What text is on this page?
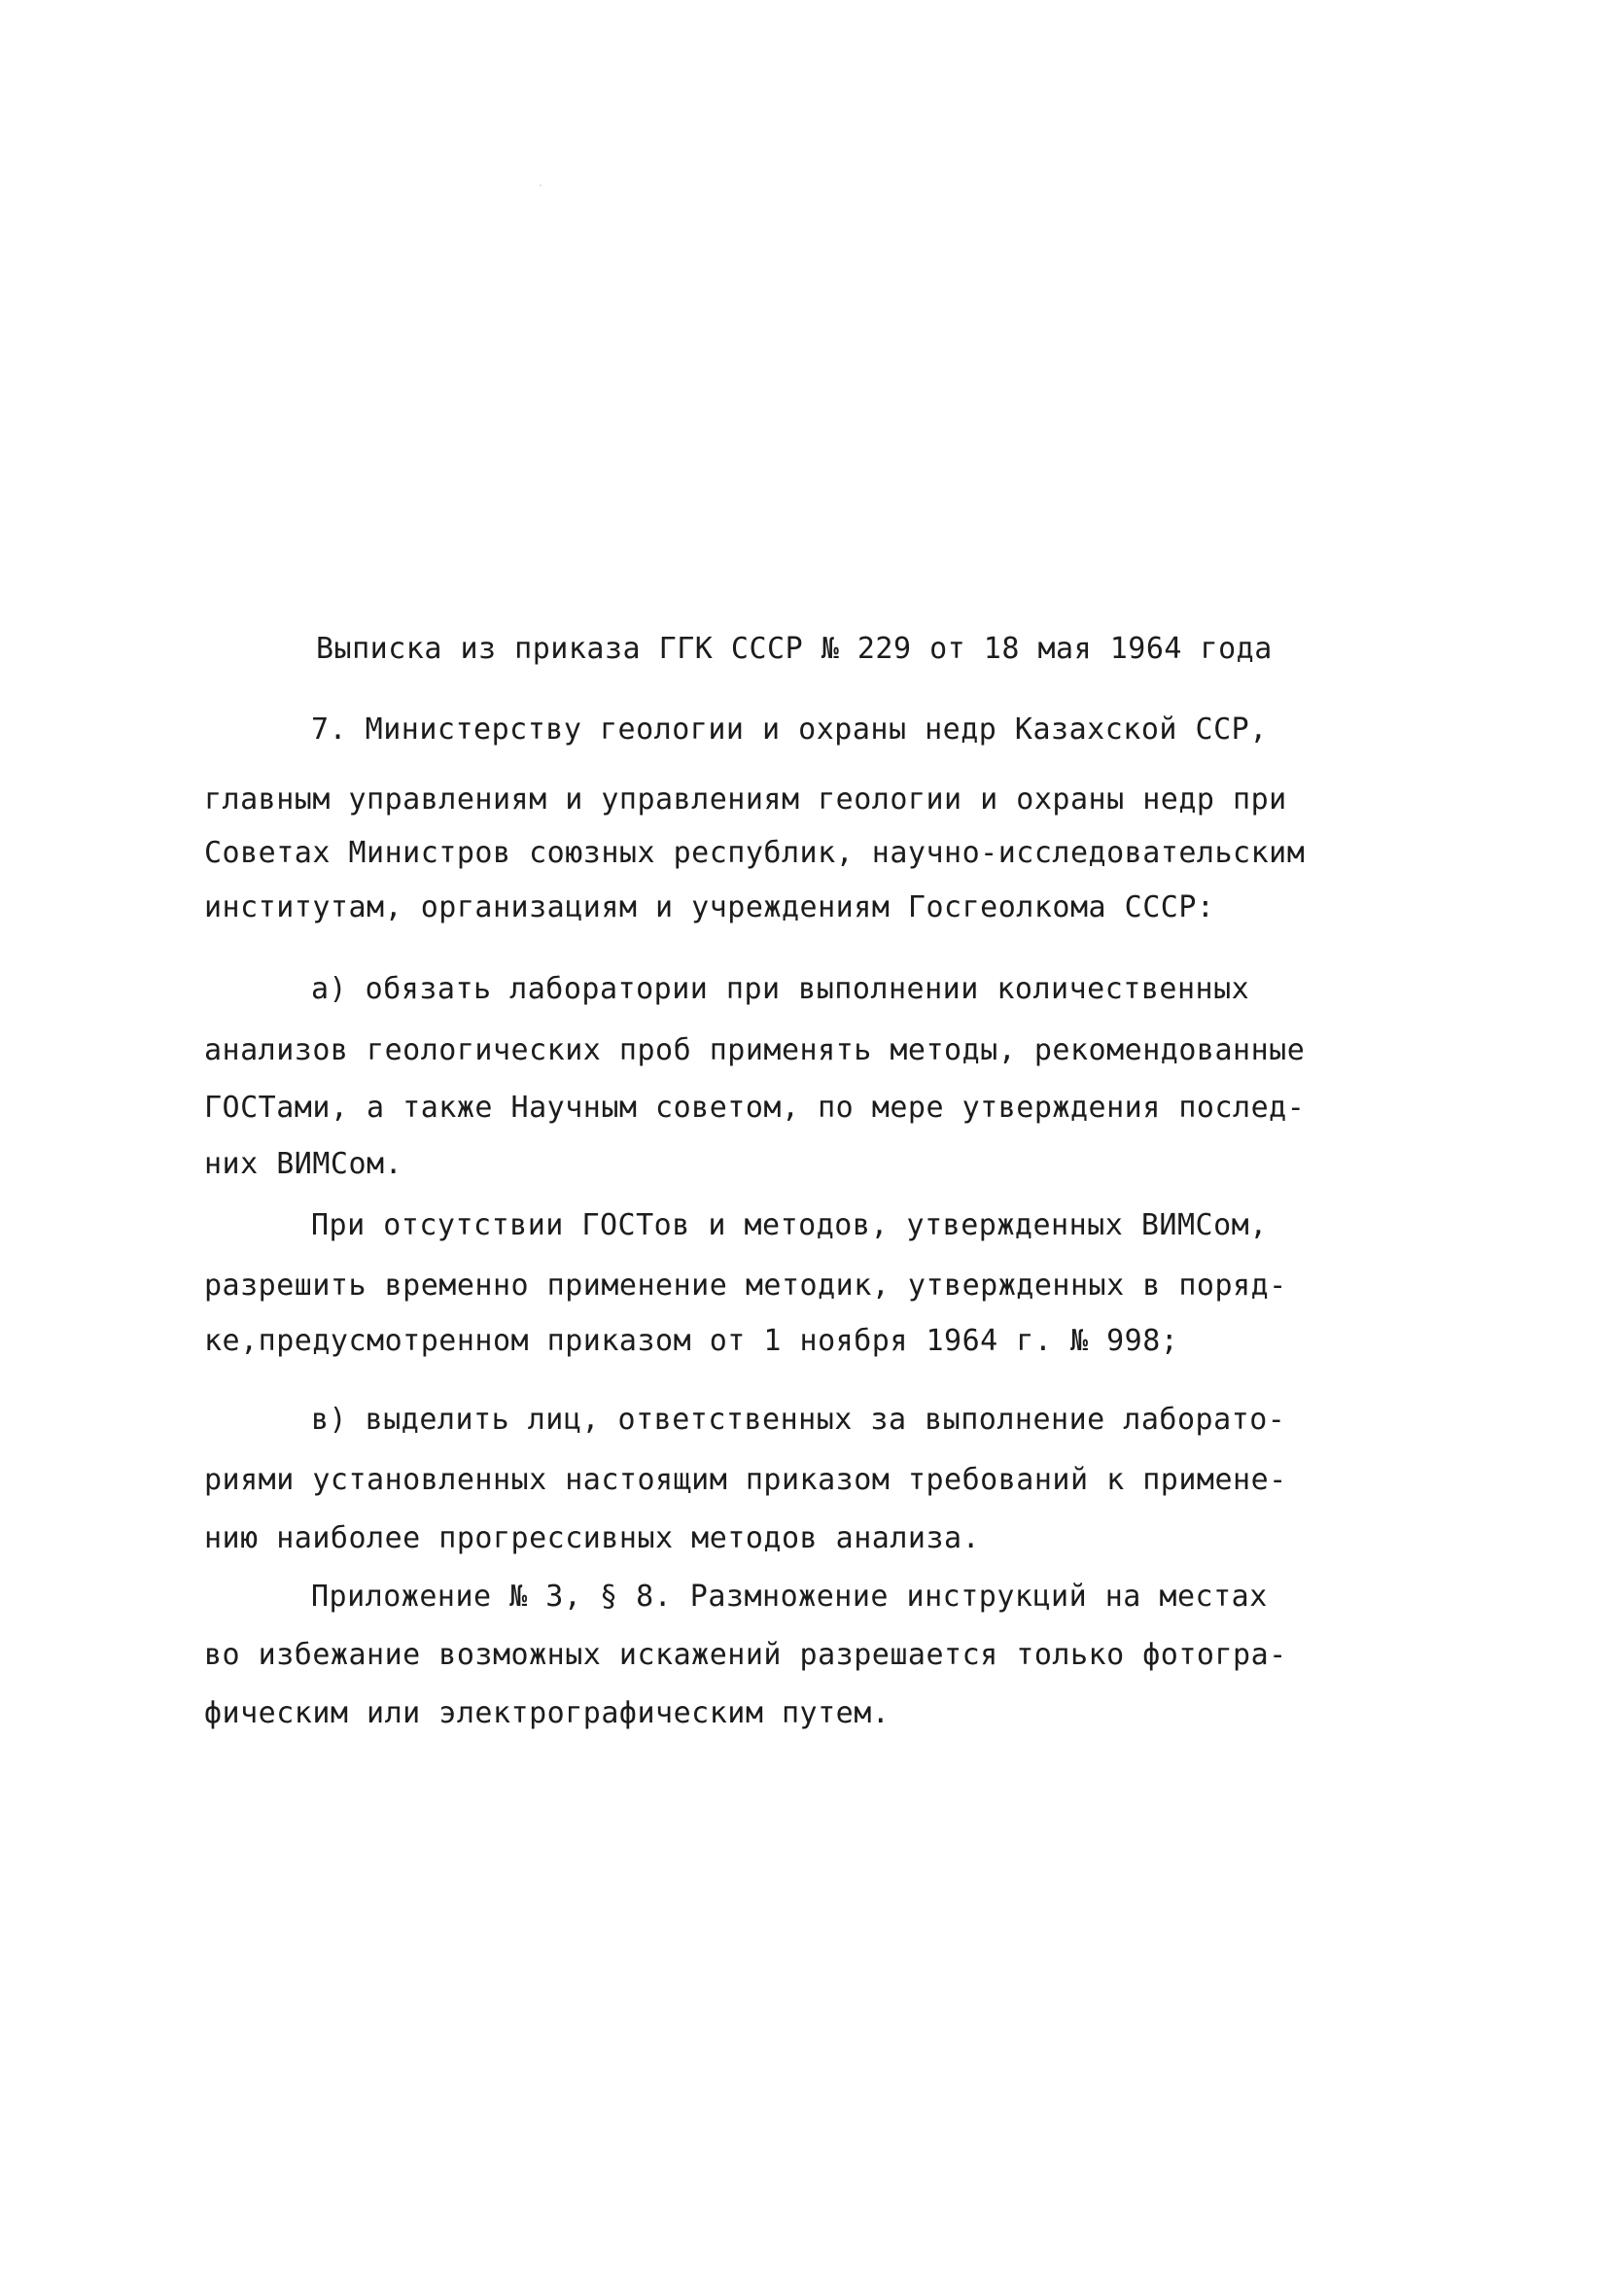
Выписка из приказа ГГК СССР № 229 от 18 мая 1964 года
7. Министерству геологии и охраны недр Казахской ССР,
главным управлениям и управлениям геологии и охраны недр при
Советах Министров союзных республик, научно-исследовательским
институтам, организациям и учреждениям Госгеолкома СССР:
а) обязать лаборатории при выполнении количественных
анализов геологических проб применять методы, рекомендованные
ГОСТами, а также Научным советом, по мере утверждения послед-
них ВИМСом.
При отсутствии ГОСТов и методов, утвержденных ВИМСом,
разрешить временно применение методик, утвержденных в поряд-
ке,предусмотренном приказом от 1 ноября 1964 г. № 998;
в) выделить лиц, ответственных за выполнение лаборато-
риями установленных настоящим приказом требований к примене-
нию наиболее прогрессивных методов анализа.
Приложение № 3, § 8. Размножение инструкций на местах
во избежание возможных искажений разрешается только фотогра-
фическим или электрографическим путем.
